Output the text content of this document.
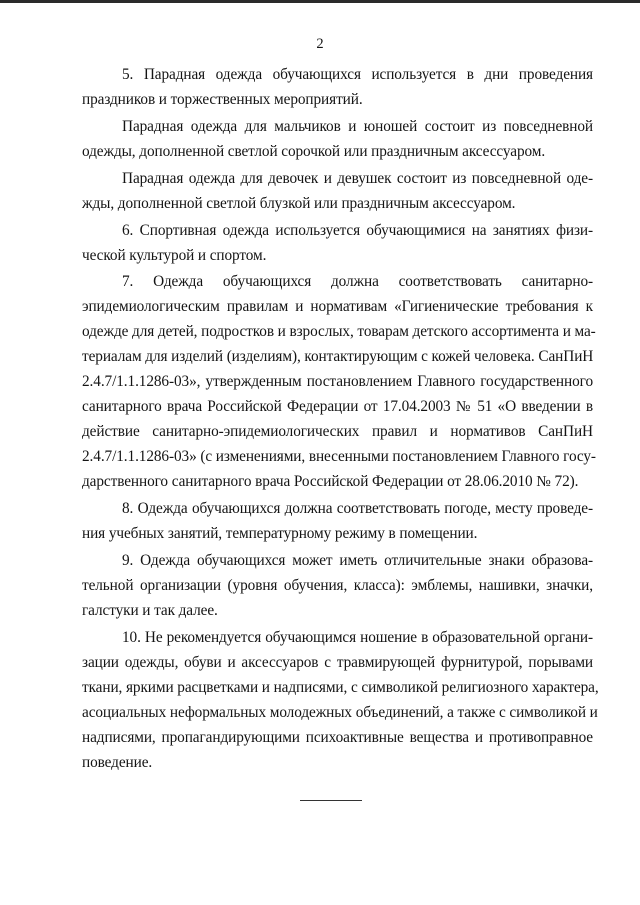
2
5. Парадная одежда обучающихся используется в дни проведения
праздников и торжественных мероприятий.
Парадная одежда для мальчиков и юношей состоит из повседневной
одежды, дополненной светлой сорочкой или праздничным аксессуаром.
Парадная одежда для девочек и девушек состоит из повседневной оде-
жды, дополненной светлой блузкой или праздничным аксессуаром.
6. Спортивная одежда используется обучающимися на занятиях физи-
ческой культурой и спортом.
7. Одежда обучающихся должна соответствовать санитарно-
эпидемиологическим правилам и нормативам «Гигиенические требования к
одежде для детей, подростков и взрослых, товарам детского ассортимента и ма-
териалам для изделий (изделиям), контактирующим с кожей человека. СанПиН
2.4.7/1.1.1286-03», утвержденным постановлением Главного государственного
санитарного врача Российской Федерации от 17.04.2003 № 51 «О введении в
действие санитарно-эпидемиологических правил и нормативов СанПиН
2.4.7/1.1.1286-03» (с изменениями, внесенными постановлением Главного госу-
дарственного санитарного врача Российской Федерации от 28.06.2010 № 72).
8. Одежда обучающихся должна соответствовать погоде, месту проведе-
ния учебных занятий, температурному режиму в помещении.
9. Одежда обучающихся может иметь отличительные знаки образова-
тельной организации (уровня обучения, класса): эмблемы, нашивки, значки,
галстуки и так далее.
10. Не рекомендуется обучающимся ношение в образовательной органи-
зации одежды, обуви и аксессуаров с травмирующей фурнитурой, порывами
ткани, яркими расцветками и надписями, с символикой религиозного характера,
асоциальных неформальных молодежных объединений, а также с символикой и
надписями, пропагандирующими психоактивные вещества и противоправное
поведение.
